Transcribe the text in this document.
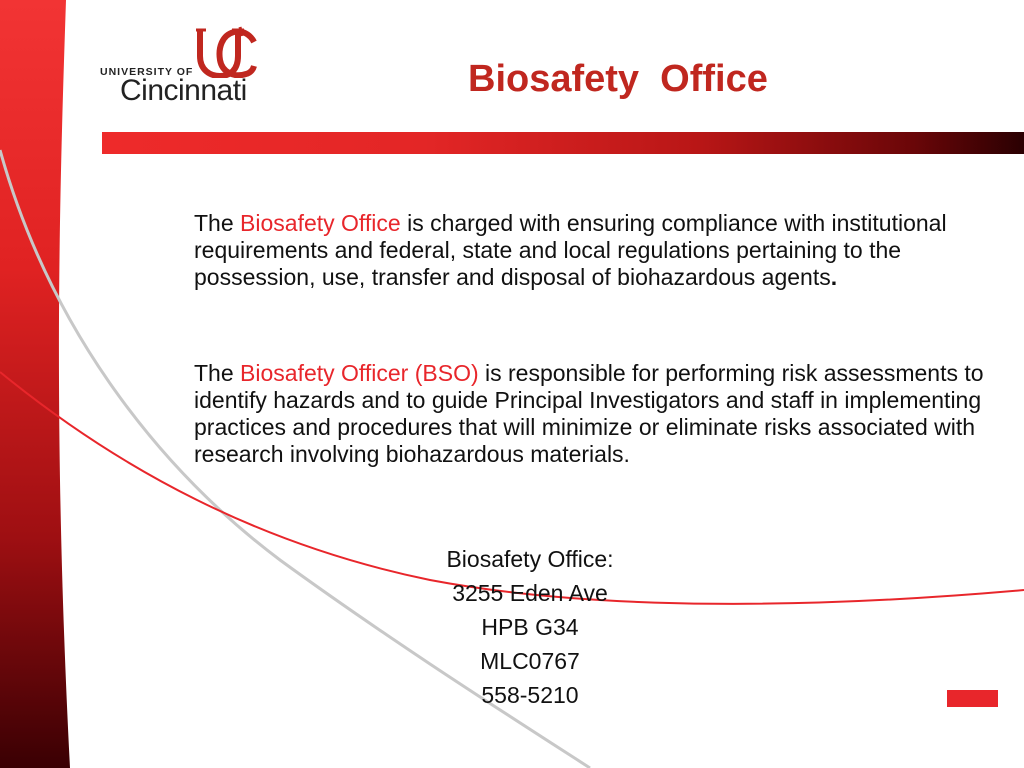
UNIVERSITY OF
Cincinnati	Biosafety  Office
The Biosafety Office is charged with ensuring compliance with institutional requirements and federal, state and local regulations pertaining to the possession, use, transfer and disposal of biohazardous agents.
The Biosafety Officer (BSO) is responsible for performing risk assessments to identify hazards and to guide Principal Investigators and staff in implementing practices and procedures that will minimize or eliminate risks associated with research involving biohazardous materials.
Biosafety Office:
3255 Eden Ave
HPB G34
MLC0767
558-5210
